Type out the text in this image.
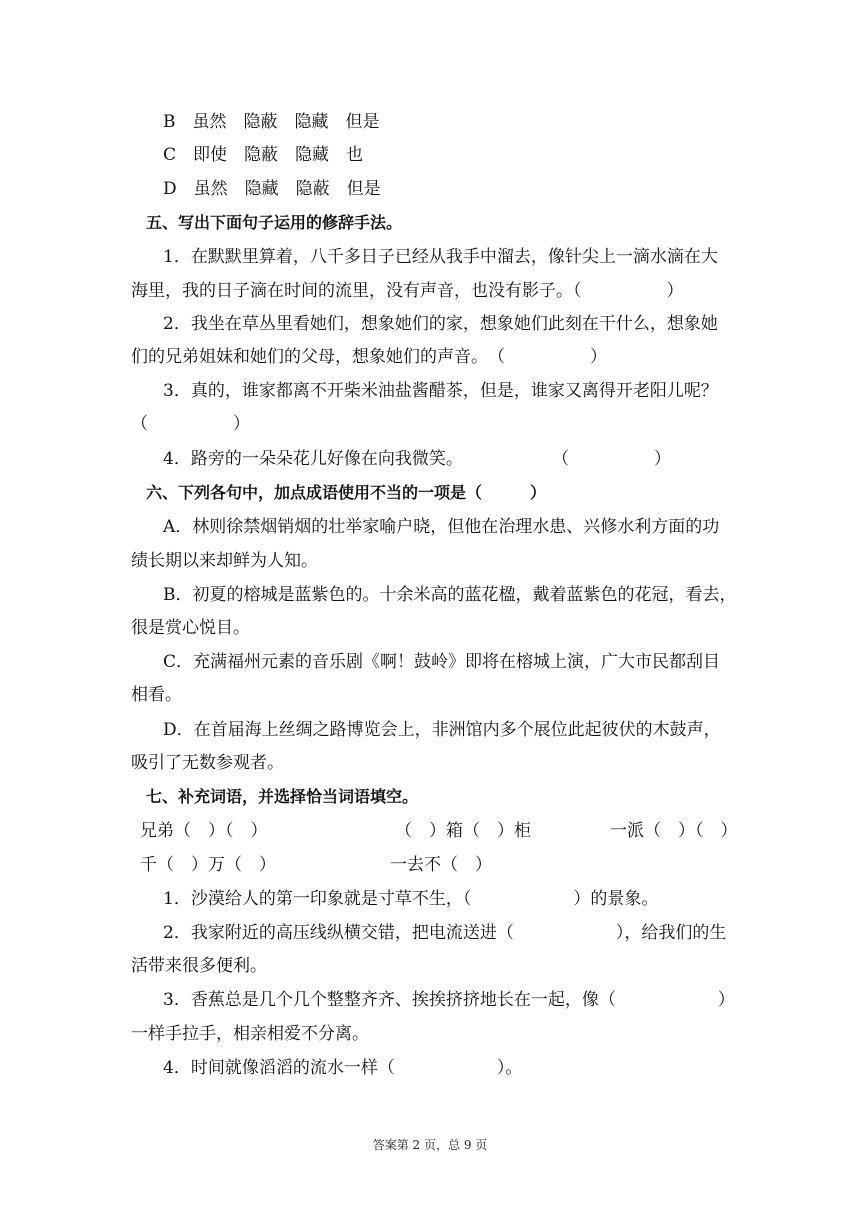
B　虽然　隐蔽　隐藏　但是
C　即使　隐蔽　隐藏　也
D　虽然　隐藏　隐蔽　但是
五、写出下面句子运用的修辞手法。
1．在默默里算着，八千多日子已经从我手中溜去，像针尖上一滴水滴在大
海里，我的日子滴在时间的流里，没有声音，也没有影子。（　　　　　）
2．我坐在草丛里看她们，想象她们的家，想象她们此刻在干什么，想象她
们的兄弟姐妹和她们的父母，想象她们的声音。　（　　　　　）
3．真的，谁家都离不开柴米油盐酱醋茶，但是，谁家又离得开老阳儿呢？
（　　　　　）
4．路旁的一朵朵花儿好像在向我微笑。	（　　　　　）
六、下列各句中，加点成语使用不当的一项是（　　　）
A．林则徐禁烟销烟的壮举家喻户晓，但他在治理水患、兴修水利方面的功
绩长期以来却鲜为人知。
B．初夏的榕城是蓝紫色的。十余米高的蓝花楹，戴着蓝紫色的花冠，看去，
很是赏心悦目。
C．充满福州元素的音乐剧《啊！鼓岭》即将在榕城上演，广大市民都刮目
相看。
D．在首届海上丝绸之路博览会上，非洲馆内多个展位此起彼伏的木鼓声，
吸引了无数参观者。
七、补充词语，并选择恰当词语填空。
兄弟（　）（　）	（　）箱（　）柜	一派（　）（　）
千（　）万（　）	一去不（　）
1．沙漠给人的第一印象就是寸草不生，（　　　　　　）的景象。
2．我家附近的高压线纵横交错，把电流送进（　　　　　　），给我们的生
活带来很多便利。
3．香蕉总是几个几个整整齐齐、挨挨挤挤地长在一起，像（　　　　　　）
一样手拉手，相亲相爱不分离。
4．时间就像滔滔的流水一样（　　　　　　）。
答案第 2 页，总 9 页
